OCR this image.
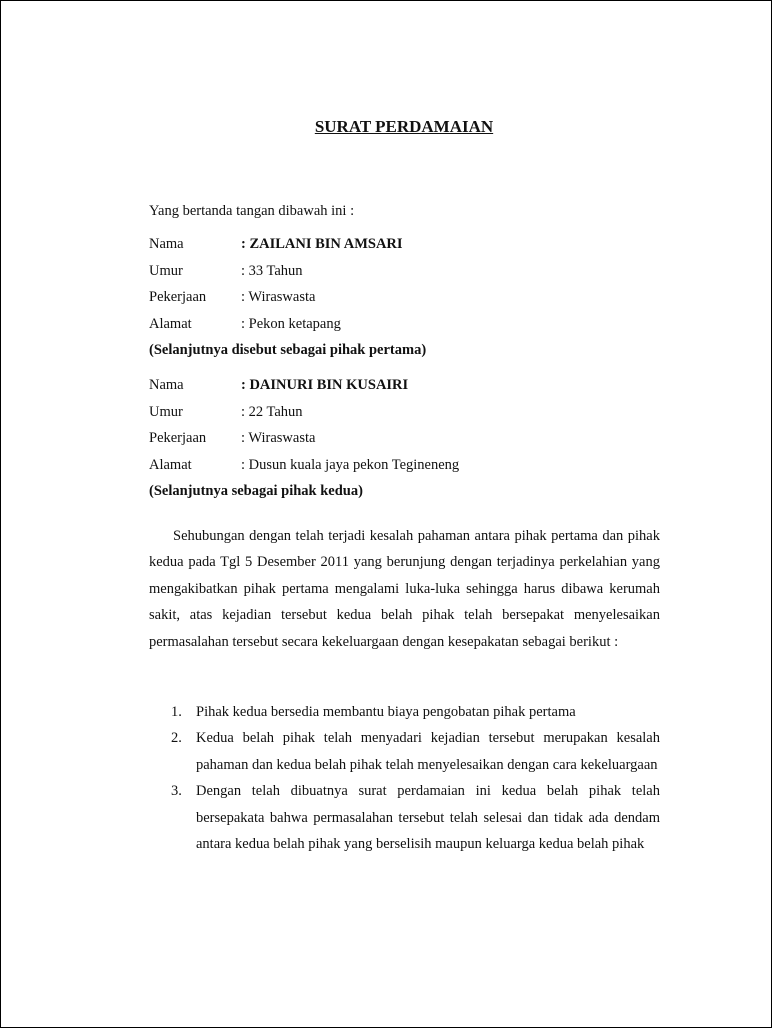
SURAT PERDAMAIAN
Yang bertanda tangan dibawah ini :
Nama	: ZAILANI BIN AMSARI
Umur	: 33 Tahun
Pekerjaan : Wiraswasta
Alamat	: Pekon ketapang
(Selanjutnya disebut sebagai pihak pertama)
Nama	: DAINURI BIN KUSAIRI
Umur	: 22 Tahun
Pekerjaan : Wiraswasta
Alamat	: Dusun kuala jaya pekon Tegineneng
(Selanjutnya sebagai pihak kedua)

Sehubungan dengan telah terjadi kesalah pahaman antara pihak pertama dan pihak kedua pada Tgl 5 Desember 2011 yang berunjung dengan terjadinya perkelahian yang mengakibatkan pihak pertama mengalami luka-luka sehingga harus dibawa kerumah sakit, atas kejadian tersebut kedua belah pihak telah bersepakat menyelesaikan permasalahan tersebut secara kekeluargaan dengan kesepakatan sebagai berikut :

1. Pihak kedua bersedia membantu biaya pengobatan pihak pertama
2. Kedua belah pihak telah menyadari kejadian tersebut merupakan kesalah pahaman dan kedua belah pihak telah menyelesaikan dengan cara kekeluargaan
3. Dengan telah dibuatnya surat perdamaian ini kedua belah pihak telah bersepakata bahwa permasalahan tersebut telah selesai dan tidak ada dendam antara kedua belah pihak yang berselisih maupun keluarga kedua belah pihak
